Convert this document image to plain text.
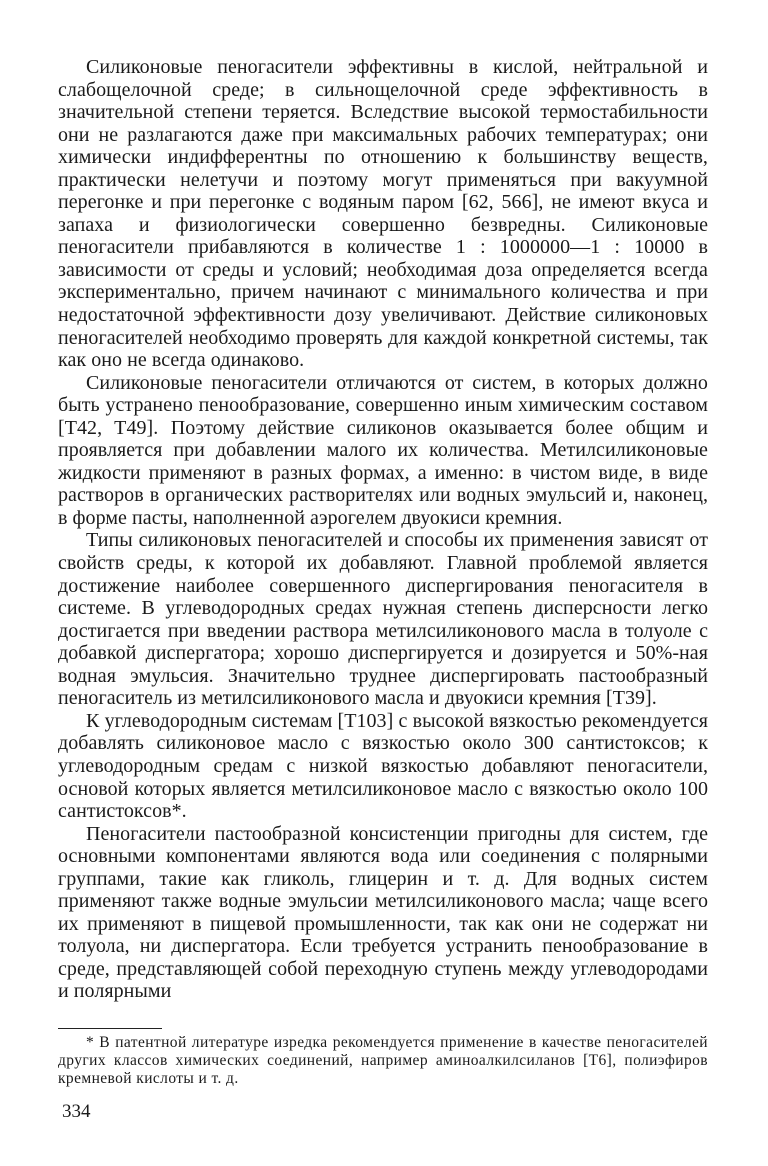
Силиконовые пеногасители эффективны в кислой, нейтральной и слабощелочной среде; в сильнощелочной среде эффективность в значительной степени теряется. Вследствие высокой термостабильности они не разлагаются даже при максимальных рабочих температурах; они химически индифферентны по отношению к большинству веществ, практически нелетучи и поэтому могут применяться при вакуумной перегонке и при перегонке с водяным паром [62, 566], не имеют вкуса и запаха и физиологически совершенно безвредны. Силиконовые пеногасители прибавляются в количестве 1 : 1000000—1 : 10000 в зависимости от среды и условий; необходимая доза определяется всегда экспериментально, причем начинают с минимального количества и при недостаточной эффективности дозу увеличивают. Действие силиконовых пеногасителей необходимо проверять для каждой конкретной системы, так как оно не всегда одинаково.

Силиконовые пеногасители отличаются от систем, в которых должно быть устранено пенообразование, совершенно иным химическим составом [T42, T49]. Поэтому действие силиконов оказывается более общим и проявляется при добавлении малого их количества. Метилсиликоновые жидкости применяют в разных формах, а именно: в чистом виде, в виде растворов в органических растворителях или водных эмульсий и, наконец, в форме пасты, наполненной аэрогелем двуокиси кремния.

Типы силиконовых пеногасителей и способы их применения зависят от свойств среды, к которой их добавляют. Главной проблемой является достижение наиболее совершенного диспергирования пеногасителя в системе. В углеводородных средах нужная степень дисперсности легко достигается при введении раствора метилсиликонового масла в толуоле с добавкой диспергатора; хорошо диспергируется и дозируется и 50%-ная водная эмульсия. Значительно труднее диспергировать пастообразный пеногаситель из метилсиликонового масла и двуокиси кремния [T39].

К углеводородным системам [T103] с высокой вязкостью рекомендуется добавлять силиконовое масло с вязкостью около 300 сантистоксов; к углеводородным средам с низкой вязкостью добавляют пеногасители, основой которых является метилсиликоновое масло с вязкостью около 100 сантистоксов*.

Пеногасители пастообразной консистенции пригодны для систем, где основными компонентами являются вода или соединения с полярными группами, такие как гликоль, глицерин и т. д. Для водных систем применяют также водные эмульсии метилсиликонового масла; чаще всего их применяют в пищевой промышленности, так как они не содержат ни толуола, ни диспергатора. Если требуется устранить пенообразование в среде, представляющей собой переходную ступень между углеводородами и полярными

* В патентной литературе изредка рекомендуется применение в качестве пеногасителей других классов химических соединений, например аминоалкилсиланов [T6], полиэфиров кремневой кислоты и т. д.

334
